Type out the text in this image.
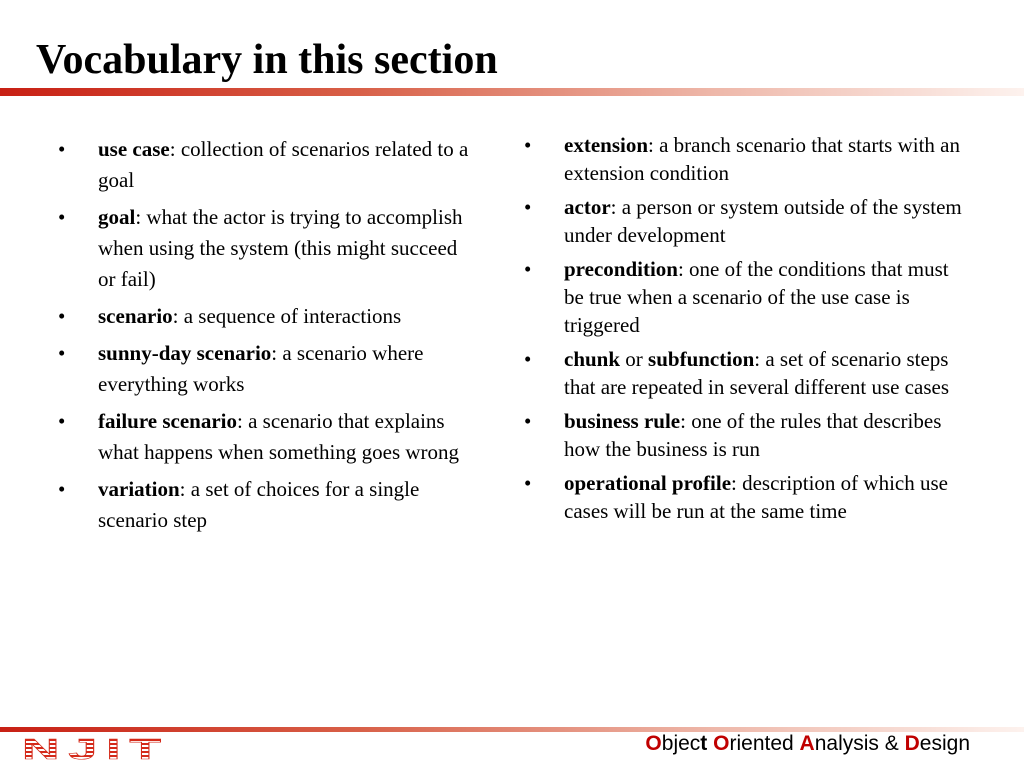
Vocabulary in this section
• use case: collection of scenarios related to a goal
• goal: what the actor is trying to accomplish when using the system (this might succeed or fail)
• scenario: a sequence of interactions
• sunny-day scenario: a scenario where everything works
• failure scenario: a scenario that explains what happens when something goes wrong
• variation: a set of choices for a single scenario step
• extension: a branch scenario that starts with an extension condition
• actor: a person or system outside of the system under development
• precondition: one of the conditions that must be true when a scenario of the use case is triggered
• chunk or subfunction: a set of scenario steps that are repeated in several different use cases
• business rule: one of the rules that describes how the business is run
• operational profile: description of which use cases will be run at the same time
NJIT	Object Oriented Analysis & Design
